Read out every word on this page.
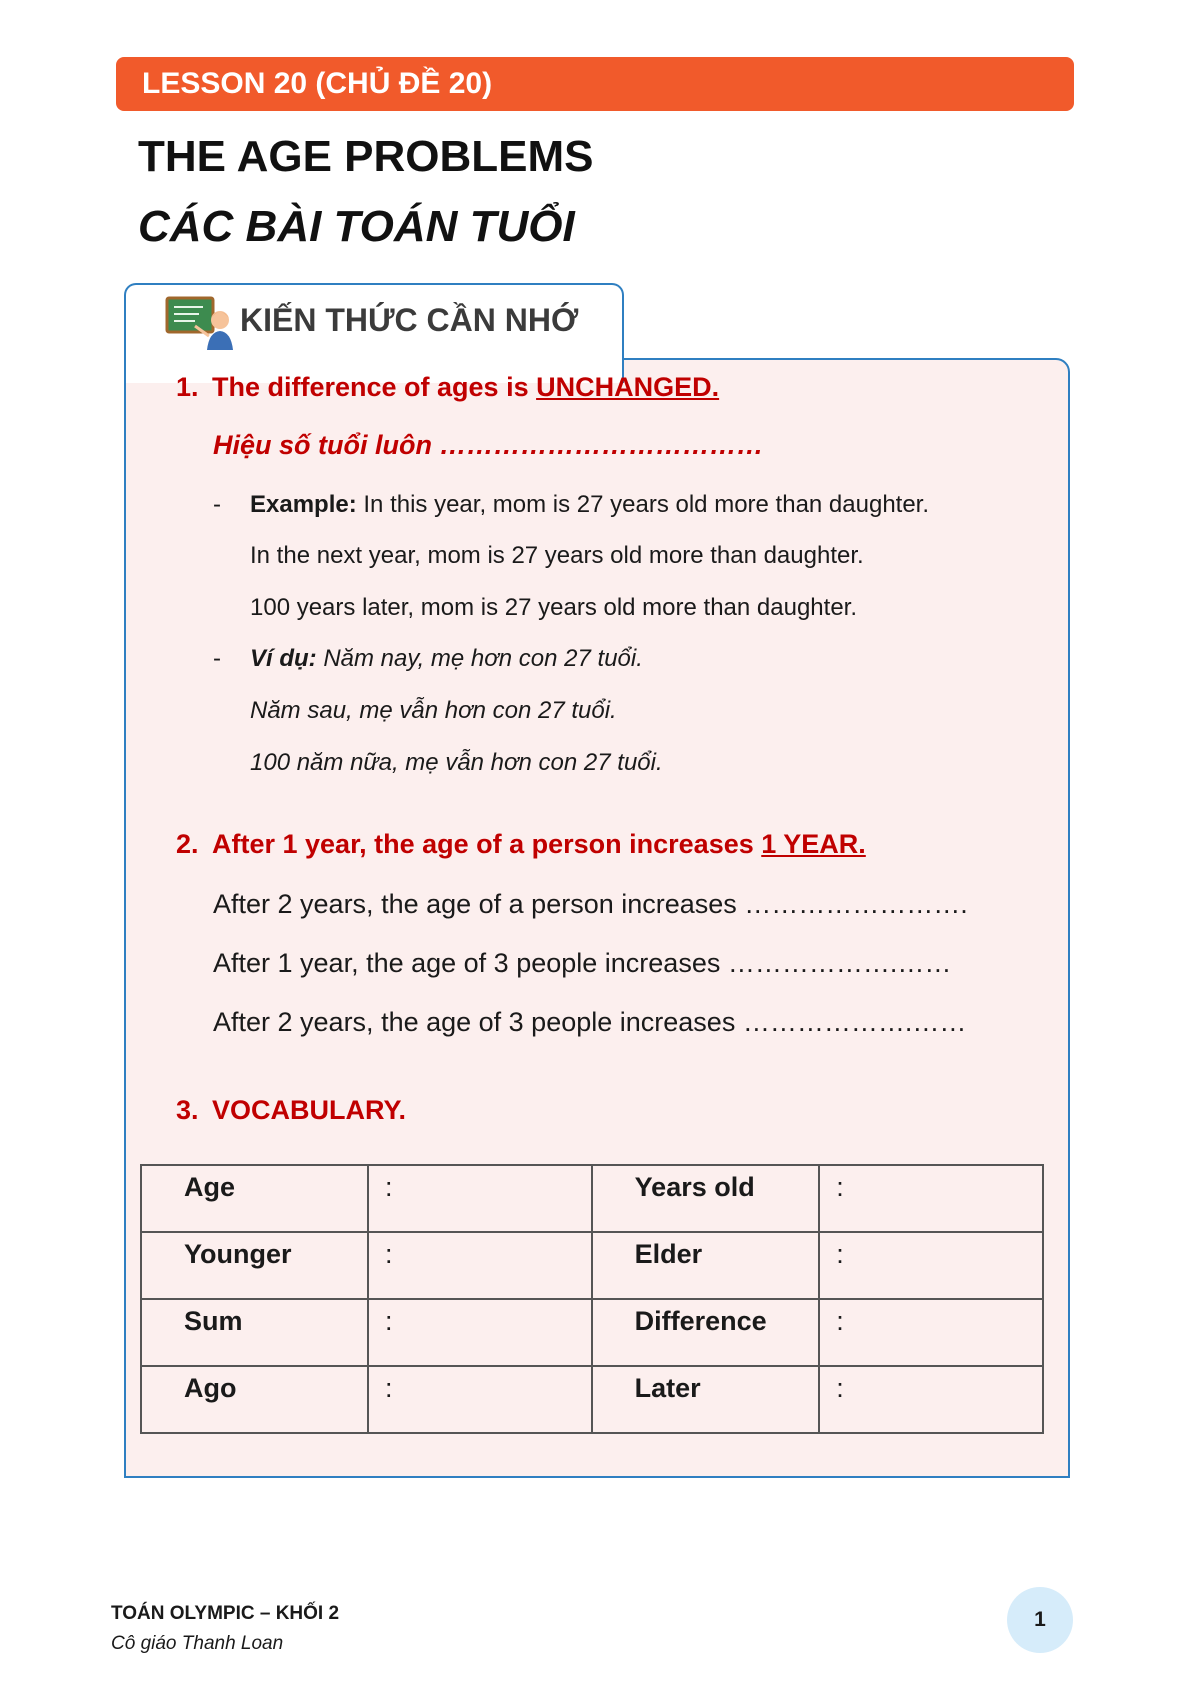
LESSON 20 (CHỦ ĐỀ 20)
THE AGE PROBLEMS
CÁC BÀI TOÁN TUỔI
KIẾN THỨC CẦN NHỚ
1. The difference of ages is UNCHANGED.
Hiệu số tuổi luôn ………………………………
- Example: In this year, mom is 27 years old more than daughter.
In the next year, mom is 27 years old more than daughter.
100 years later, mom is 27 years old more than daughter.
- Ví dụ: Năm nay, mẹ hơn con 27 tuổi.
Năm sau, mẹ vẫn hơn con 27 tuổi.
100 năm nữa, mẹ vẫn hơn con 27 tuổi.
2. After 1 year, the age of a person increases 1 YEAR.
After 2 years, the age of a person increases …………………….
After 1 year, the age of 3 people increases ……………….……
After 2 years, the age of 3 people increases ……………….……
3. VOCABULARY.
Age	:	Years old	:
Younger	:	Elder	:
Sum	:	Difference	:
Ago	:	Later	:
TOÁN OLYMPIC – KHỐI 2
Cô giáo Thanh Loan
1
